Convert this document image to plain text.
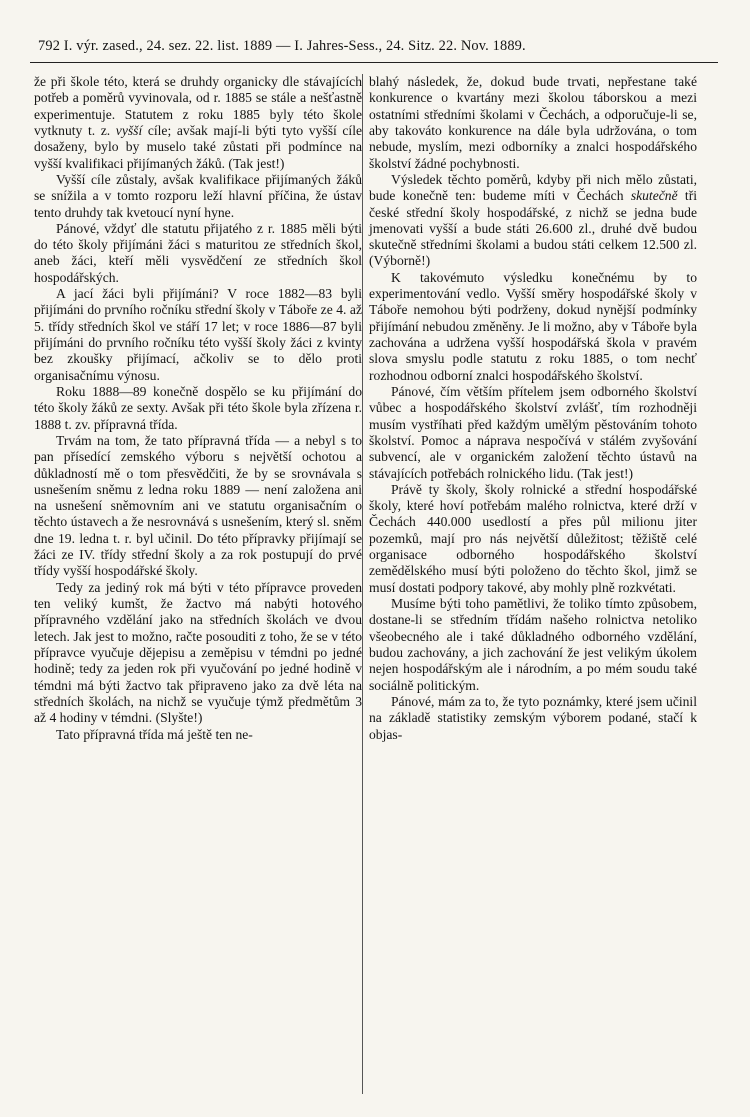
792 I. výr. zased., 24. sez. 22. list. 1889 — I. Jahres-Sess., 24. Sitz. 22. Nov. 1889.

že při škole této, která se druhdy organicky dle stávajících potřeb a poměrů vyvinovala, od r. 1885 se stále a nešťastně experimentuje. Statutem z roku 1885 byly této škole vytknuty t. z. vyšší cíle; avšak mají-li býti tyto vyšší cíle dosaženy, bylo by muselo také zůstati při podmínce na vyšší kvalifikaci přijímaných žáků. (Tak jest!)

Vyšší cíle zůstaly, avšak kvalifikace přijímaných žáků se snížila a v tomto rozporu leží hlavní příčina, že ústav tento druhdy tak kvetoucí nyní hyne.

Pánové, vždyť dle statutu přijatého z r. 1885 měli býti do této školy přijímáni žáci s maturitou ze středních škol, aneb žáci, kteří měli vysvědčení ze středních škol hospodářských.

A jací žáci byli přijímáni? V roce 1882—83 byli přijímáni do prvního ročníku střední školy v Táboře ze 4. až 5. třídy středních škol ve stáří 17 let; v roce 1886—87 byli přijímáni do prvního ročníku této vyšší školy žáci z kvinty bez zkoušky přijímací, ačkoliv se to dělo proti organisačnímu výnosu.

Roku 1888—89 konečně dospělo se ku přijímání do této školy žáků ze sexty. Avšak při této škole byla zřízena r. 1888 t. zv. přípravná třída.

Trvám na tom, že tato přípravná třída — a nebyl s to pan přísedící zemského výboru s největší ochotou a důkladností mě o tom přesvědčiti, že by se srovnávala s usnešením sněmu z ledna roku 1889 — není založena ani na usnešení sněmovním ani ve statutu organisačním o těchto ústavech a že nesrovnává s usnešením, který sl. sněm dne 19. ledna t. r. byl učinil. Do této přípravky přijímají se žáci ze IV. třídy střední školy a za rok postupují do prvé třídy vyšší hospodářské školy.

Tedy za jediný rok má býti v této přípravce proveden ten veliký kumšt, že žactvo má nabýti hotového přípravného vzdělání jako na středních školách ve dvou letech. Jak jest to možno, račte posouditi z toho, že se v této přípravce vyučuje dějepisu a zeměpisu v témdni po jedné hodině; tedy za jeden rok při vyučování po jedné hodině v témdni má býti žactvo tak připraveno jako za dvě léta na středních školách, na nichž se vyučuje týmž předmětům 3 až 4 hodiny v témdni. (Slyšte!)

Tato přípravná třída má ještě ten ne-

blahý následek, že, dokud bude trvati, nepřestane také konkurence o kvartány mezi školou táborskou a mezi ostatními středními školami v Čechách, a odporučuje-li se, aby takováto konkurence na dále byla udržována, o tom nebude, myslím, mezi odborníky a znalci hospodářského školství žádné pochybnosti.

Výsledek těchto poměrů, kdyby při nich mělo zůstati, bude konečně ten: budeme míti v Čechách skutečně tři české střední školy hospodářské, z nichž se jedna bude jmenovati vyšší a bude státi 26.600 zl., druhé dvě budou skutečně středními školami a budou státi celkem 12.500 zl. (Výborně!)

K takovémuto výsledku konečnému by to experimentování vedlo. Vyšší směry hospodářské školy v Táboře nemohou býti podrženy, dokud nynější podmínky přijímání nebudou změněny. Je li možno, aby v Táboře byla zachována a udržena vyšší hospodářská škola v pravém slova smyslu podle statutu z roku 1885, o tom nechť rozhodnou odborní znalci hospodářského školství.

Pánové, čím větším přítelem jsem odborného školství vůbec a hospodářského školství zvlášť, tím rozhodněji musím vystříhati před každým umělým pěstováním tohoto školství. Pomoc a náprava nespočívá v stálém zvyšování subvencí, ale v organickém založení těchto ústavů na stávajících potřebách rolnického lidu. (Tak jest!)

Právě ty školy, školy rolnické a střední hospodářské školy, které hoví potřebám malého rolnictva, které drží v Čechách 440.000 usedlostí a přes půl milionu jiter pozemků, mají pro nás největší důležitost; těžiště celé organisace odborného hospodářského školství zemědělského musí býti položeno do těchto škol, jimž se musí dostati podpory takové, aby mohly plně rozkvétati.

Musíme býti toho pamětlivi, že toliko tímto způsobem, dostane-li se středním třídám našeho rolnictva netoliko všeobecného ale i také důkladného odborného vzdělání, budou zachovány, a jich zachování že jest velikým úkolem nejen hospodářským ale i národním, a po mém soudu také sociálně politickým.

Pánové, mám za to, že tyto poznámky, které jsem učinil na základě statistiky zemským výborem podané, stačí k objas-
